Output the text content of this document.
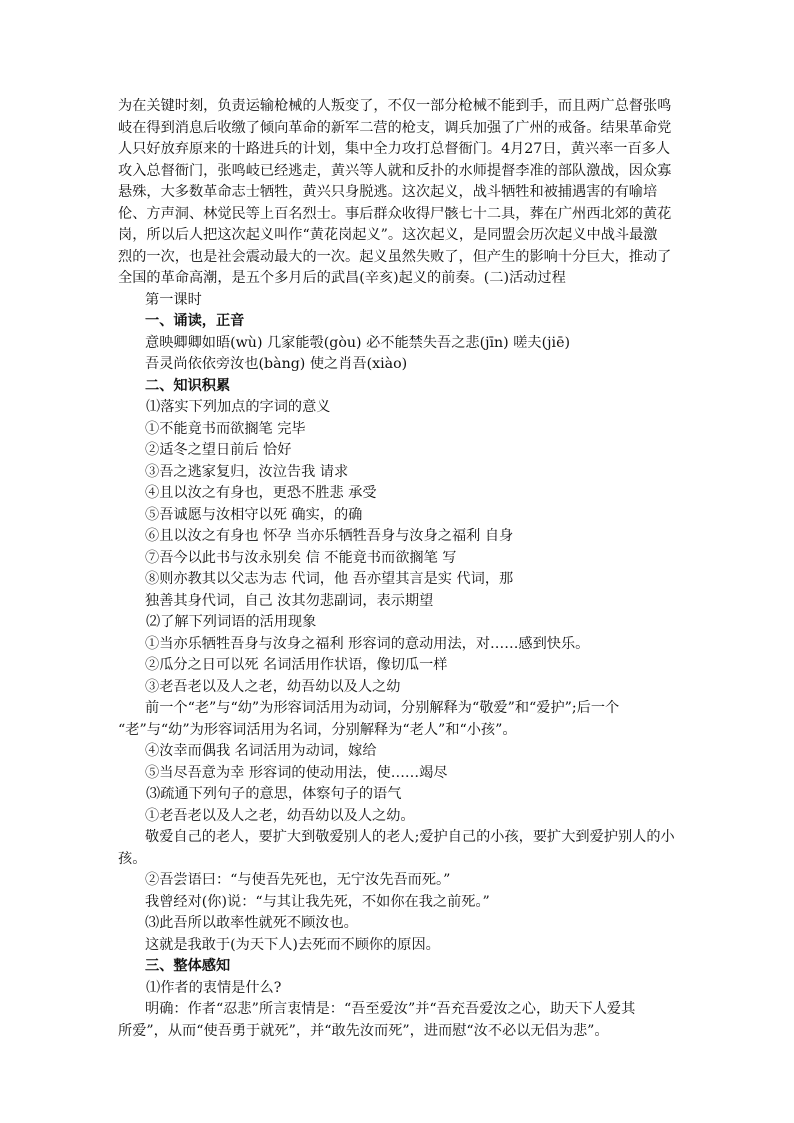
为在关键时刻，负责运输枪械的人叛变了，不仅一部分枪械不能到手，而且两广总督张鸣

岐在得到消息后收缴了倾向革命的新军二营的枪支，调兵加强了广州的戒备。结果革命党

人只好放弃原来的十路进兵的计划，集中全力攻打总督衙门。4月27日，黄兴率一百多人

攻入总督衙门，张鸣岐已经逃走，黄兴等人就和反扑的水师提督李准的部队激战，因众寡

悬殊，大多数革命志士牺牲，黄兴只身脱逃。这次起义，战斗牺牲和被捕遇害的有喻培

伦、方声洞、林觉民等上百名烈士。事后群众收得尸骸七十二具，葬在广州西北郊的黄花

岗，所以后人把这次起义叫作“黄花岗起义”。这次起义，是同盟会历次起义中战斗最激

烈的一次，也是社会震动最大的一次。起义虽然失败了，但产生的影响十分巨大，推动了

全国的革命高潮，是五个多月后的武昌(辛亥)起义的前奏。(二)活动过程

第一课时

一、诵读，正音

意映卿卿如晤(wù) 几家能彀(gòu) 必不能禁失吾之悲(jīn) 嗟夫(jiē)

吾灵尚依依旁汝也(bàng) 使之肖吾(xiào)

二、知识积累

⑴落实下列加点的字词的意义

①不能竟书而欲搁笔 完毕

②适冬之望日前后 恰好

③吾之逃家复归，汝泣告我 请求

④且以汝之有身也，更恐不胜悲 承受

⑤吾诚愿与汝相守以死 确实，的确

⑥且以汝之有身也 怀孕 当亦乐牺牲吾身与汝身之福利 自身

⑦吾今以此书与汝永别矣 信 不能竟书而欲搁笔 写

⑧则亦教其以父志为志 代词，他 吾亦望其言是实 代词，那

独善其身代词，自己 汝其勿悲副词，表示期望

⑵了解下列词语的活用现象

①当亦乐牺牲吾身与汝身之福利 形容词的意动用法，对……感到快乐。

②瓜分之日可以死 名词活用作状语，像切瓜一样

③老吾老以及人之老，幼吾幼以及人之幼

前一个“老”与“幼”为形容词活用为动词，分别解释为“敬爱”和“爱护”;后一个

“老”与“幼”为形容词活用为名词，分别解释为“老人”和“小孩”。

④汝幸而偶我 名词活用为动词，嫁给

⑤当尽吾意为幸 形容词的使动用法，使……竭尽

⑶疏通下列句子的意思，体察句子的语气

①老吾老以及人之老，幼吾幼以及人之幼。

敬爱自己的老人，要扩大到敬爱别人的老人;爱护自己的小孩，要扩大到爱护别人的小

孩。

②吾尝语曰：“与使吾先死也，无宁汝先吾而死。”

我曾经对(你)说：“与其让我先死，不如你在我之前死。”

⑶此吾所以敢率性就死不顾汝也。

这就是我敢于(为天下人)去死而不顾你的原因。

三、整体感知

⑴作者的衷情是什么?

明确：作者“忍悲”所言衷情是：“吾至爱汝”并“吾充吾爱汝之心，助天下人爱其

所爱”，从而“使吾勇于就死”，并“敢先汝而死”，进而慰“汝不必以无侣为悲”。
